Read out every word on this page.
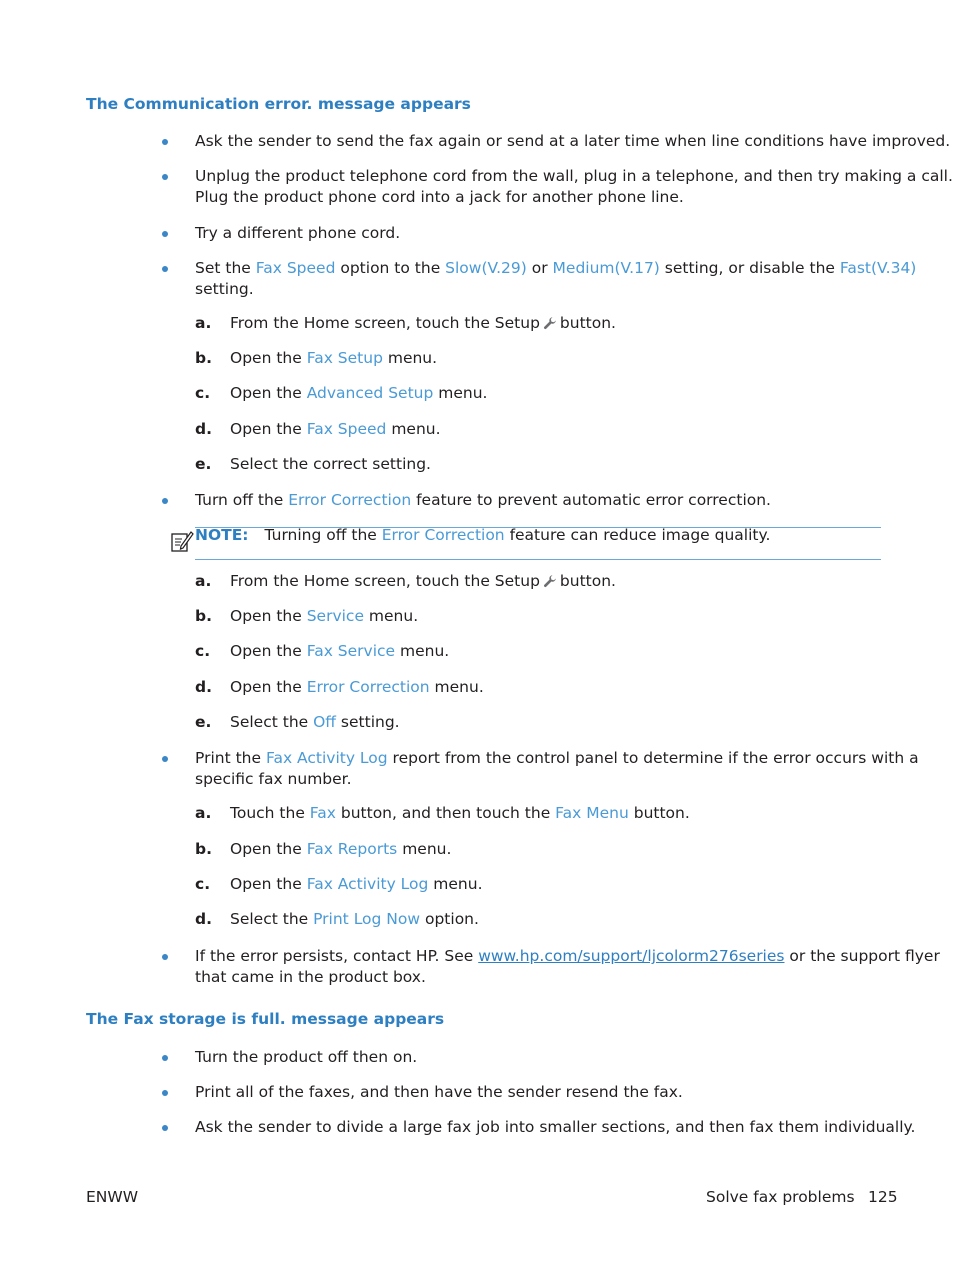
The Communication error. message appears
Ask the sender to send the fax again or send at a later time when line conditions have improved.
Unplug the product telephone cord from the wall, plug in a telephone, and then try making a call.
Plug the product phone cord into a jack for another phone line.
Try a different phone cord.
Set the Fax Speed option to the Slow(V.29) or Medium(V.17) setting, or disable the Fast(V.34)
setting.
a. From the Home screen, touch the Setup button.
b. Open the Fax Setup menu.
c. Open the Advanced Setup menu.
d. Open the Fax Speed menu.
e. Select the correct setting.
Turn off the Error Correction feature to prevent automatic error correction.
NOTE: Turning off the Error Correction feature can reduce image quality.
a. From the Home screen, touch the Setup button.
b. Open the Service menu.
c. Open the Fax Service menu.
d. Open the Error Correction menu.
e. Select the Off setting.
Print the Fax Activity Log report from the control panel to determine if the error occurs with a
specific fax number.
a. Touch the Fax button, and then touch the Fax Menu button.
b. Open the Fax Reports menu.
c. Open the Fax Activity Log menu.
d. Select the Print Log Now option.
If the error persists, contact HP. See www.hp.com/support/ljcolorm276series or the support flyer
that came in the product box.
The Fax storage is full. message appears
Turn the product off then on.
Print all of the faxes, and then have the sender resend the fax.
Ask the sender to divide a large fax job into smaller sections, and then fax them individually.
ENWW	Solve fax problems 125
